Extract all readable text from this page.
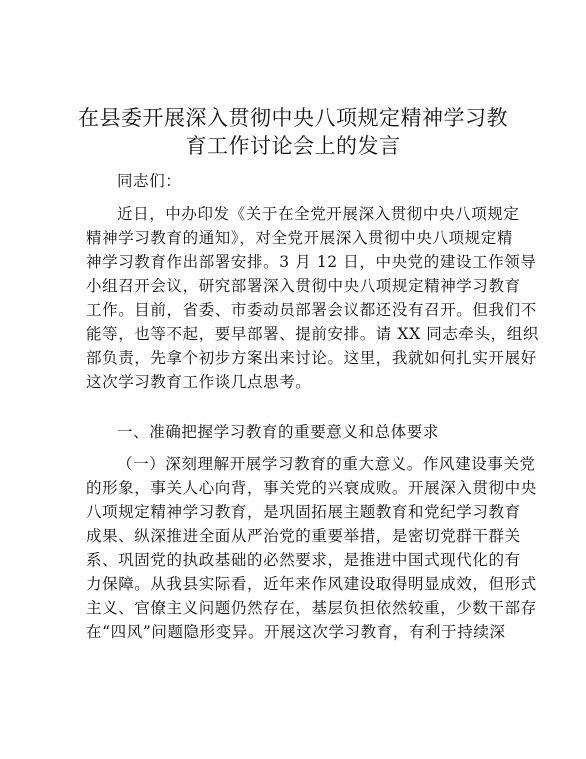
在县委开展深入贯彻中央八项规定精神学习教
育工作讨论会上的发言
同志们：
近日，中办印发《关于在全党开展深入贯彻中央八项规定
精神学习教育的通知》，对全党开展深入贯彻中央八项规定精
神学习教育作出部署安排。3 月 12 日，中央党的建设工作领导
小组召开会议，研究部署深入贯彻中央八项规定精神学习教育
工作。目前，省委、市委动员部署会议都还没有召开。但我们不
能等，也等不起，要早部署、提前安排。请 XX 同志牵头，组织
部负责，先拿个初步方案出来讨论。这里，我就如何扎实开展好
这次学习教育工作谈几点思考。
一、准确把握学习教育的重要意义和总体要求
（一）深刻理解开展学习教育的重大意义。作风建设事关党
的形象，事关人心向背，事关党的兴衰成败。开展深入贯彻中央
八项规定精神学习教育，是巩固拓展主题教育和党纪学习教育
成果、纵深推进全面从严治党的重要举措，是密切党群干群关
系、巩固党的执政基础的必然要求，是推进中国式现代化的有
力保障。从我县实际看，近年来作风建设取得明显成效，但形式
主义、官僚主义问题仍然存在，基层负担依然较重，少数干部存
在“四风”问题隐形变异。开展这次学习教育，有利于持续深
